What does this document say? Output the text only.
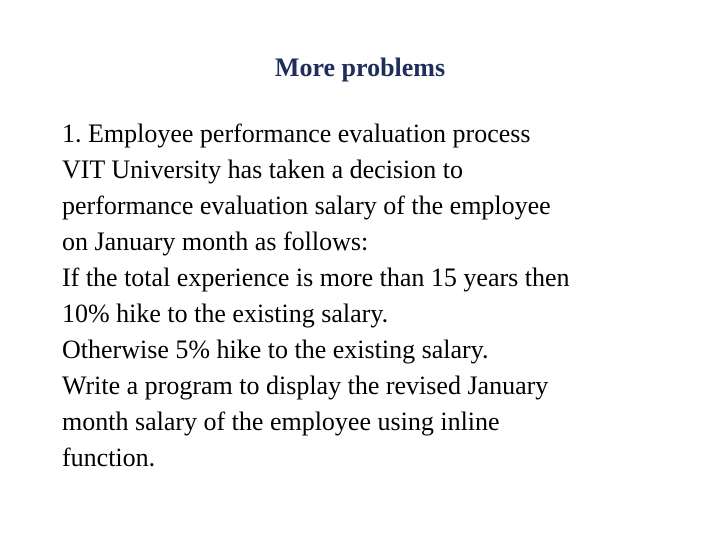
More problems

1. Employee performance evaluation process

VIT University has taken a decision to
performance evaluation salary of the employee
on January month as follows:

If the total experience is more than 15 years then
10% hike to the existing salary.

Otherwise 5% hike to the existing salary.

Write a program to display the revised January
month salary of the employee using inline
function.
